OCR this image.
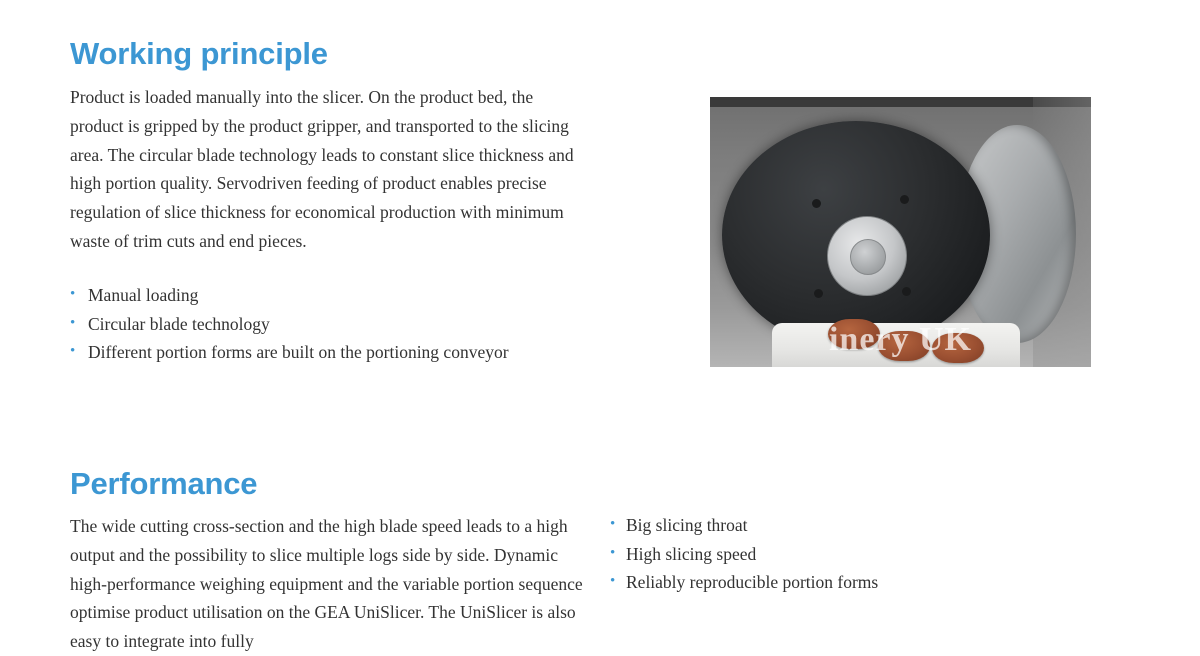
Working principle

Product is loaded manually into the slicer. On the product bed, the product is gripped by the product gripper, and transported to the slicing area. The circular blade technology leads to constant slice thickness and high portion quality. Servodriven feeding of product enables precise regulation of slice thickness for economical production with minimum waste of trim cuts and end pieces.

• Manual loading
• Circular blade technology
• Different portion forms are built on the portioning conveyor	inery UK
Performance

The wide cutting cross-section and the high blade speed leads to a high output and the possibility to slice multiple logs side by side. Dynamic high-performance weighing equipment and the variable portion sequence optimise product utilisation on the GEA UniSlicer. The UniSlicer is also easy to integrate into fully

• Big slicing throat
• High slicing speed
• Reliably reproducible portion forms
